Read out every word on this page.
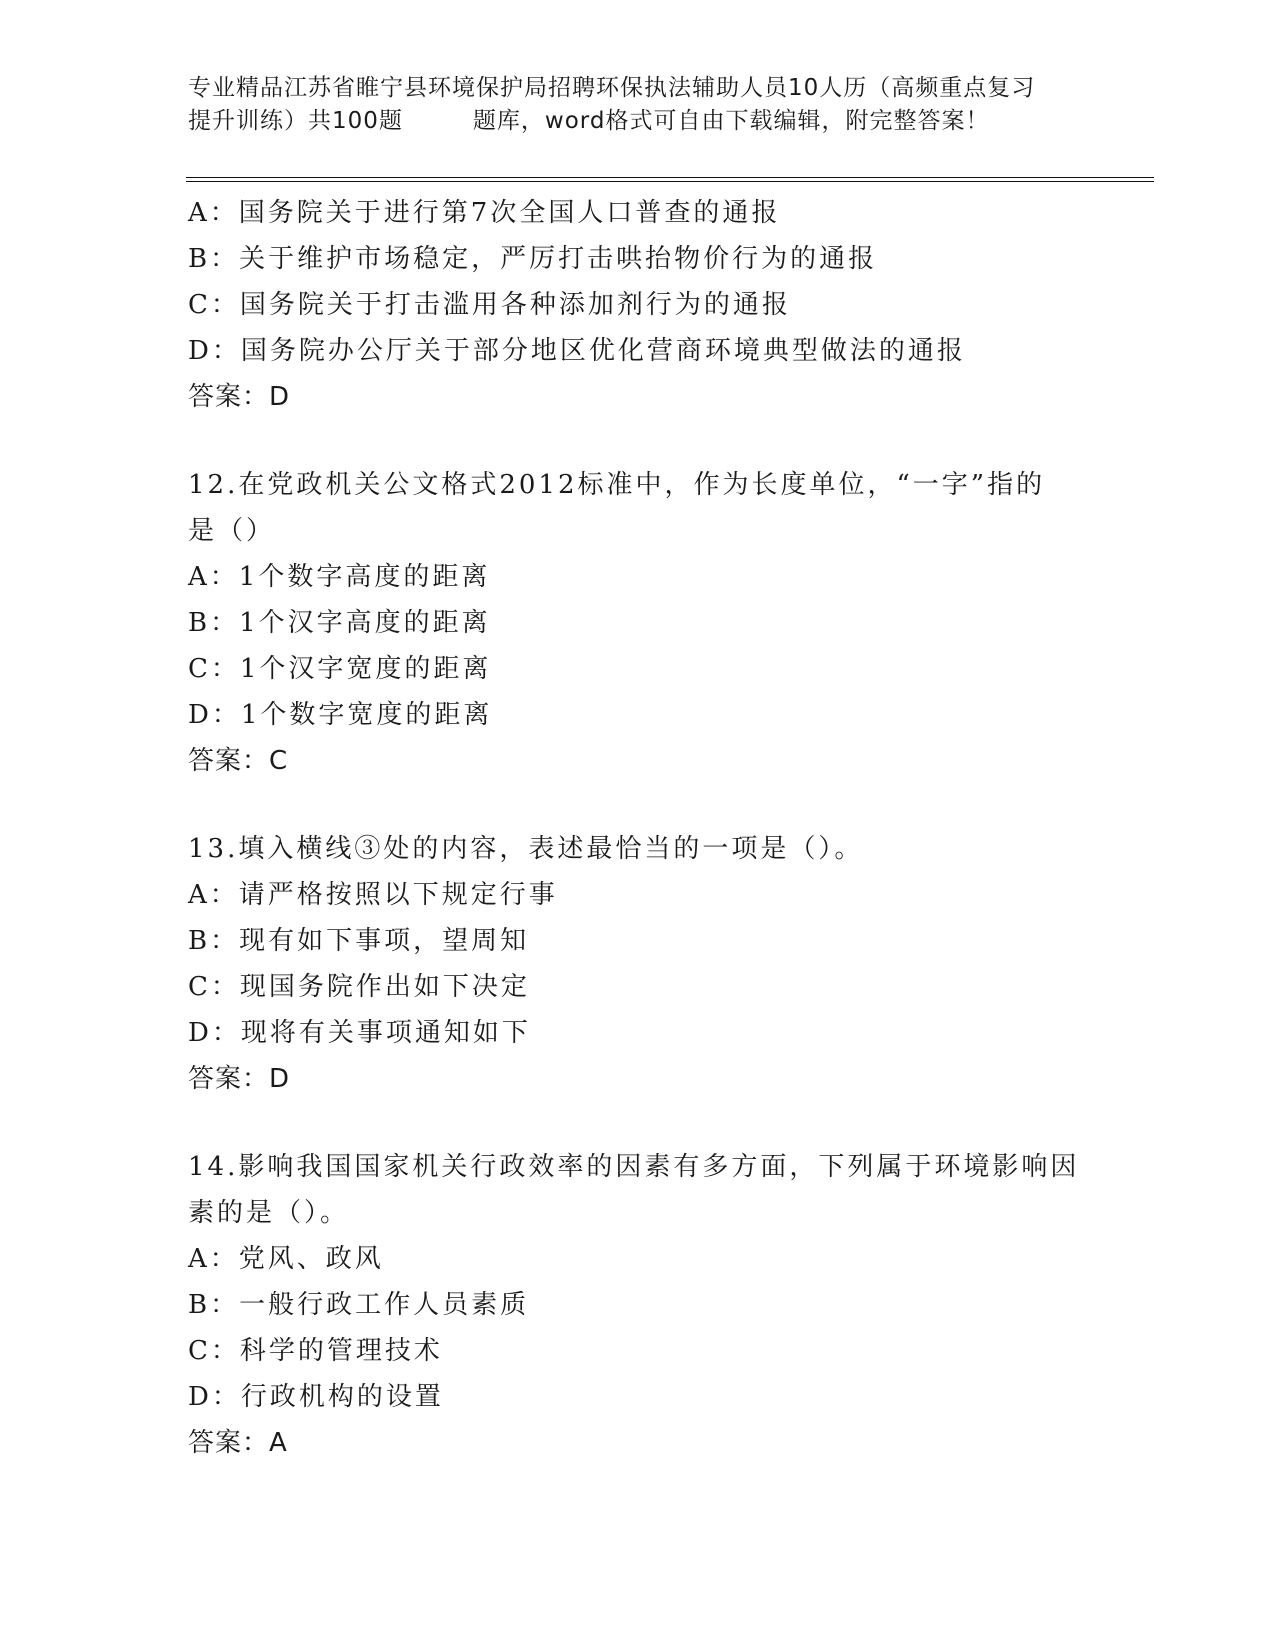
专业精品江苏省睢宁县环境保护局招聘环保执法辅助人员10人历（高频重点复习
提升训练）共100题	题库，word格式可自由下载编辑，附完整答案！
A：国务院关于进行第7次全国人口普查的通报
B：关于维护市场稳定，严厉打击哄抬物价行为的通报
C：国务院关于打击滥用各种添加剂行为的通报
D：国务院办公厅关于部分地区优化营商环境典型做法的通报
答案：D
12.在党政机关公文格式2012标准中，作为长度单位，“一字”指的
是（）
A：1个数字高度的距离
B：1个汉字高度的距离
C：1个汉字宽度的距离
D：1个数字宽度的距离
答案：C
13.填入横线③处的内容，表述最恰当的一项是（）。
A：请严格按照以下规定行事
B：现有如下事项，望周知
C：现国务院作出如下决定
D：现将有关事项通知如下
答案：D
14.影响我国国家机关行政效率的因素有多方面，下列属于环境影响因
素的是（）。
A：党风、政风
B：一般行政工作人员素质
C：科学的管理技术
D：行政机构的设置
答案：A
